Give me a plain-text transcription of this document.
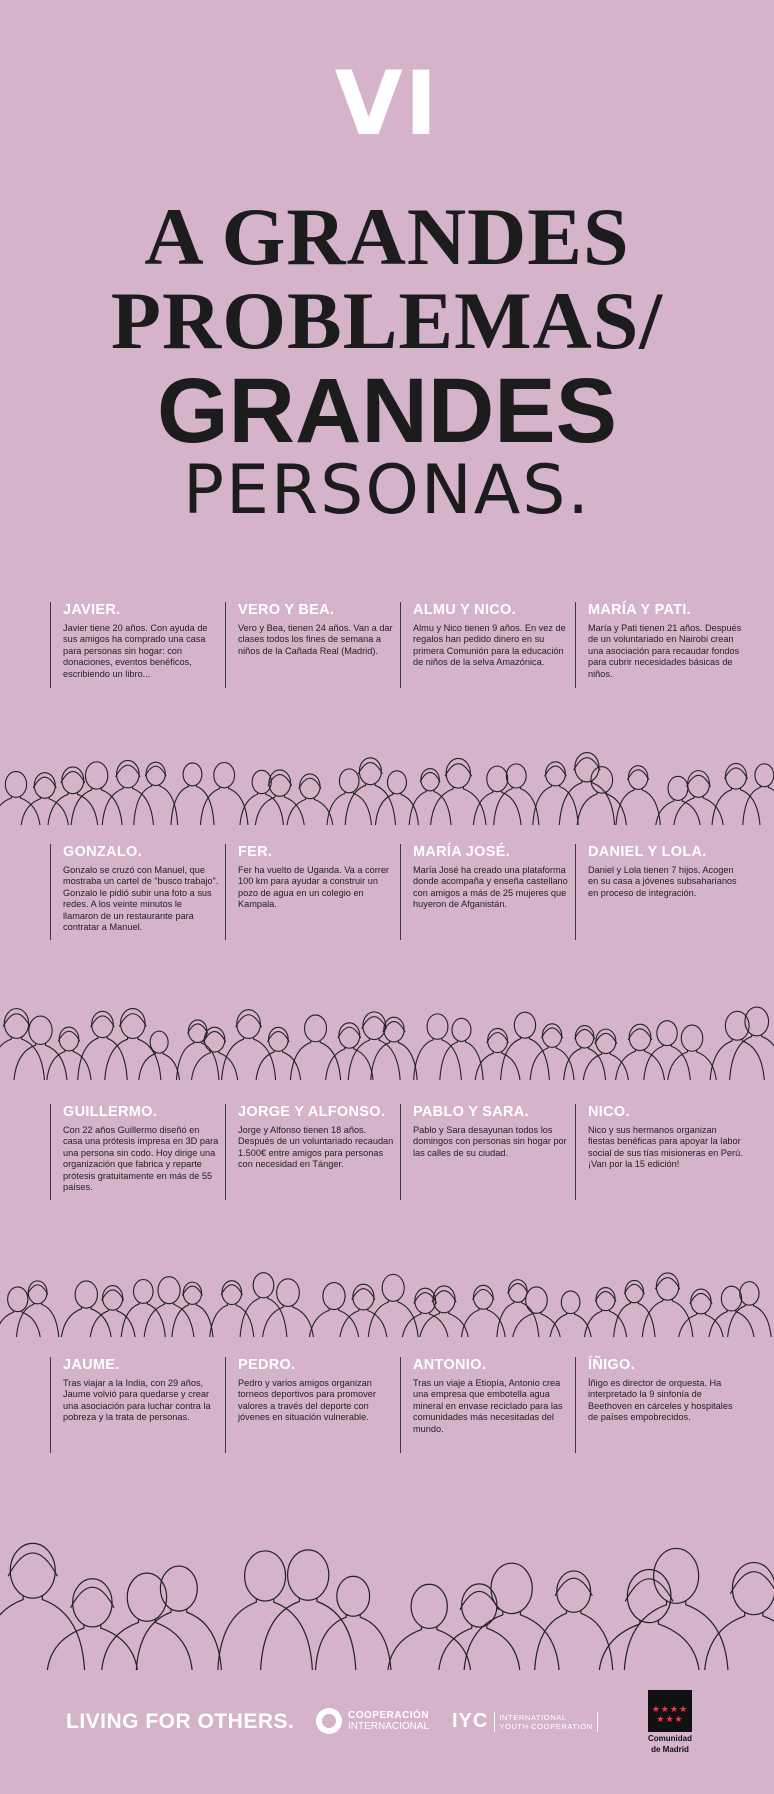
VI
A GRANDES
PROBLEMAS/
GRANDES
PERSONAS.
JAVIER.

Javier tiene 20 años. Con ayuda de sus amigos ha comprado una casa para personas sin hogar: con donaciones, eventos benéficos, escribiendo un libro...

VERO Y BEA.

Vero y Bea, tienen 24 años. Van a dar clases todos los fines de semana a niños de la Cañada Real (Madrid).

ALMU Y NICO.

Almu y Nico tienen 9 años. En vez de regalos han pedido dinero en su primera Comunión para la educación de niños de la selva Amazónica.

MARÍA Y PATI.

María y Pati tienen 21 años. Después de un voluntariado en Nairobi crean una asociación para recaudar fondos para cubrir necesidades básicas de niños.

GONZALO.

Gonzalo se cruzó con Manuel, que mostraba un cartel de “busco trabajo”. Gonzalo le pidió subir una foto a sus redes. A los veinte minutos le llamaron de un restaurante para contratar a Manuel.

FER.

Fer ha vuelto de Uganda. Va a correr 100 km para ayudar a construir un pozo de agua en un colegio en Kampala.

MARÍA JOSÉ.

María José ha creado una plataforma donde acompaña y enseña castellano con amigos a más de 25 mujeres que huyeron de Afganistán.

DANIEL Y LOLA.

Daniel y Lola tienen 7 hijos. Acogen en su casa a jóvenes subsaharianos en proceso de integración.

GUILLERMO.

Con 22 años Guillermo diseñó en casa una prótesis impresa en 3D para una persona sin codo. Hoy dirige una organización que fabrica y reparte prótesis gratuitamente en más de 55 países.

JORGE Y ALFONSO.

Jorge y Alfonso tienen 18 años. Después de un voluntariado recaudan 1.500€ entre amigos para personas con necesidad en Tánger.

PABLO Y SARA.

Pablo y Sara desayunan todos los domingos con personas sin hogar por las calles de su ciudad.

NICO.

Nico y sus hermanos organizan fiestas benéficas para apoyar la labor social de sus tías misioneras en Perú. ¡Van por la 15 edición!

JAUME.

Tras viajar a la India, con 29 años, Jaume volvió para quedarse y crear una asociación para luchar contra la pobreza y la trata de personas.

PEDRO.

Pedro y varios amigos organizan torneos deportivos para promover valores a través del deporte con jóvenes en situación vulnerable.

ANTONIO.

Tras un viaje a Etiopía, Antonio crea una empresa que embotella agua mineral en envase reciclado para las comunidades más necesitadas del mundo.

ÍÑIGO.

Íñigo es director de orquesta. Ha interpretado la 9 sinfonía de Beethoven en cárceles y hospitales de países empobrecidos.

LIVING FOR OTHERS.	COOPERACIÓN
INTERNACIONAL IYC INTERNATIONAL
YOUTH COOPERATION
★★★★ ★★★
Comunidad
de Madrid
